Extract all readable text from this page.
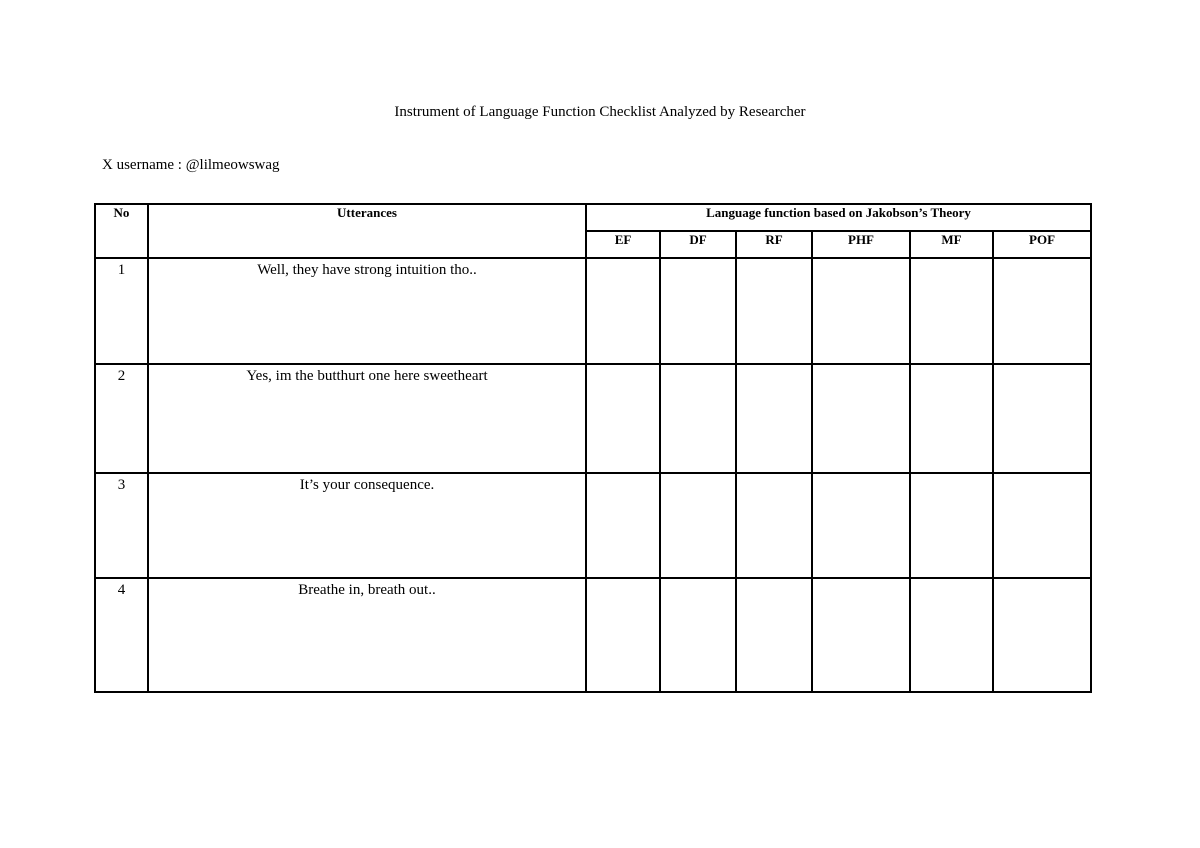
Instrument of Language Function Checklist Analyzed by Researcher
X username : @lilmeowswag
No	Utterances	Language function based on Jakobson’s Theory					
		EF	DF	RF	PHF	MF	POF
1	Well, they have strong intuition tho..						
2	Yes, im the butthurt one here sweetheart						
3	It’s your consequence.						
4	Breathe in, breath out..						
